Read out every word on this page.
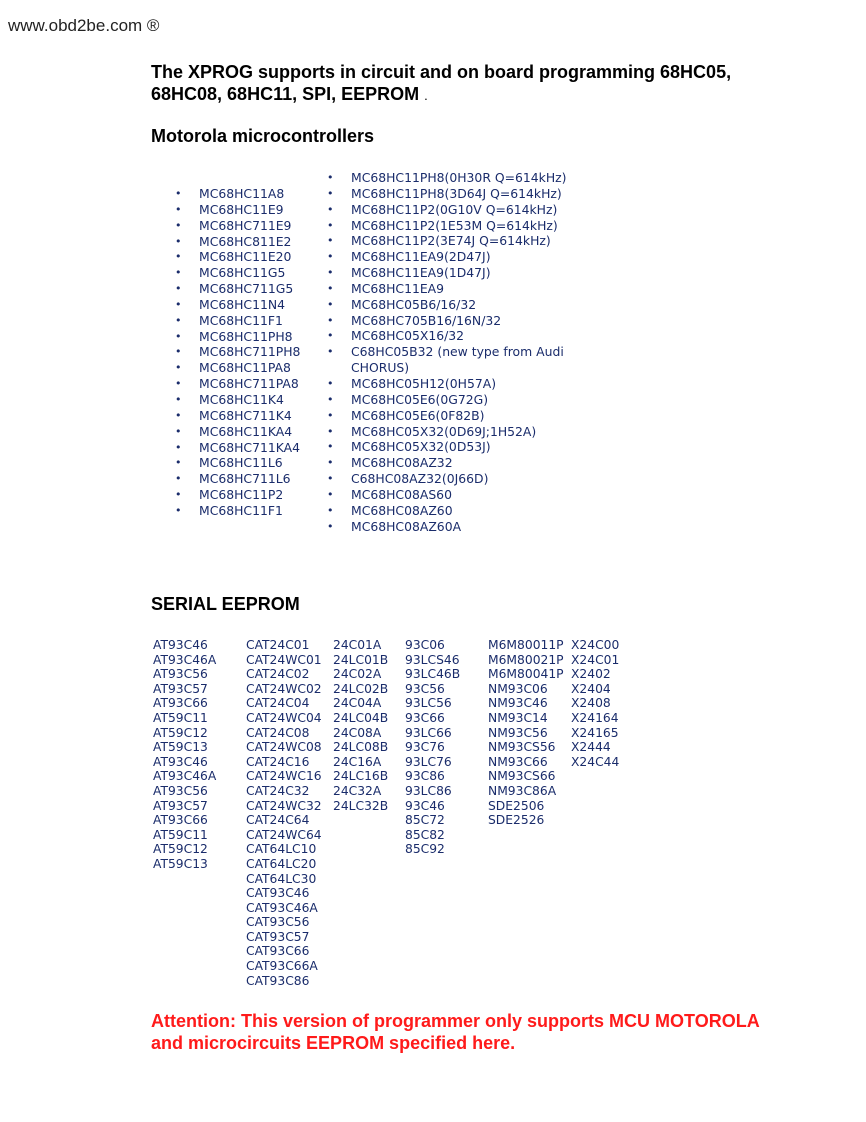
www.obd2be.com ®
The XPROG supports in circuit and on board programming 68HC05, 68HC08, 68HC11, SPI, EEPROM .
Motorola microcontrollers
• MC68HC11A8
• MC68HC11E9
• MC68HC711E9
• MC68HC811E2
• MC68HC11E20
• MC68HC11G5
• MC68HC711G5
• MC68HC11N4
• MC68HC11F1
• MC68HC11PH8
• MC68HC711PH8
• MC68HC11PA8
• MC68HC711PA8
• MC68HC11K4
• MC68HC711K4
• MC68HC11KA4
• MC68HC711KA4
• MC68HC11L6
• MC68HC711L6
• MC68HC11P2
• MC68HC11F1
• MC68HC11PH8(0H30R Q=614kHz)
• MC68HC11PH8(3D64J Q=614kHz)
• MC68HC11P2(0G10V Q=614kHz)
• MC68HC11P2(1E53M Q=614kHz)
• MC68HC11P2(3E74J Q=614kHz)
• MC68HC11EA9(2D47J)
• MC68HC11EA9(1D47J)
• MC68HC11EA9
• MC68HC05B6/16/32
• MC68HC705B16/16N/32
• MC68HC05X16/32
• C68HC05B32 (new type from Audi CHORUS)
• MC68HC05H12(0H57A)
• MC68HC05E6(0G72G)
• MC68HC05E6(0F82B)
• MC68HC05X32(0D69J;1H52A)
• MC68HC05X32(0D53J)
• MC68HC08AZ32
• C68HC08AZ32(0J66D)
• MC68HC08AS60
• MC68HC08AZ60
• MC68HC08AZ60A
SERIAL EEPROM
AT93C46
AT93C46A
AT93C56
AT93C57
AT93C66
AT59C11
AT59C12
AT59C13
AT93C46
AT93C46A
AT93C56
AT93C57
AT93C66
AT59C11
AT59C12
AT59C13
CAT24C01
CAT24WC01
CAT24C02
CAT24WC02
CAT24C04
CAT24WC04
CAT24C08
CAT24WC08
CAT24C16
CAT24WC16
CAT24C32
CAT24WC32
CAT24C64
CAT24WC64
CAT64LC10
CAT64LC20
CAT64LC30
CAT93C46
CAT93C46A
CAT93C56
CAT93C57
CAT93C66
CAT93C66A
CAT93C86
24C01A
24LC01B
24C02A
24LC02B
24C04A
24LC04B
24C08A
24LC08B
24C16A
24LC16B
24C32A
24LC32B
93C06
93LCS46
93LC46B
93C56
93LC56
93C66
93LC66
93C76
93LC76
93C86
93LC86
93C46
85C72
85C82
85C92
M6M80011P
M6M80021P
M6M80041P
NM93C06
NM93C46
NM93C14
NM93C56
NM93CS56
NM93C66
NM93CS66
NM93C86A
SDE2506
SDE2526
X24C00
X24C01
X2402
X2404
X2408
X24164
X24165
X2444
X24C44
Attention: This version of programmer only supports MCU MOTOROLA and microcircuits EEPROM specified here.
